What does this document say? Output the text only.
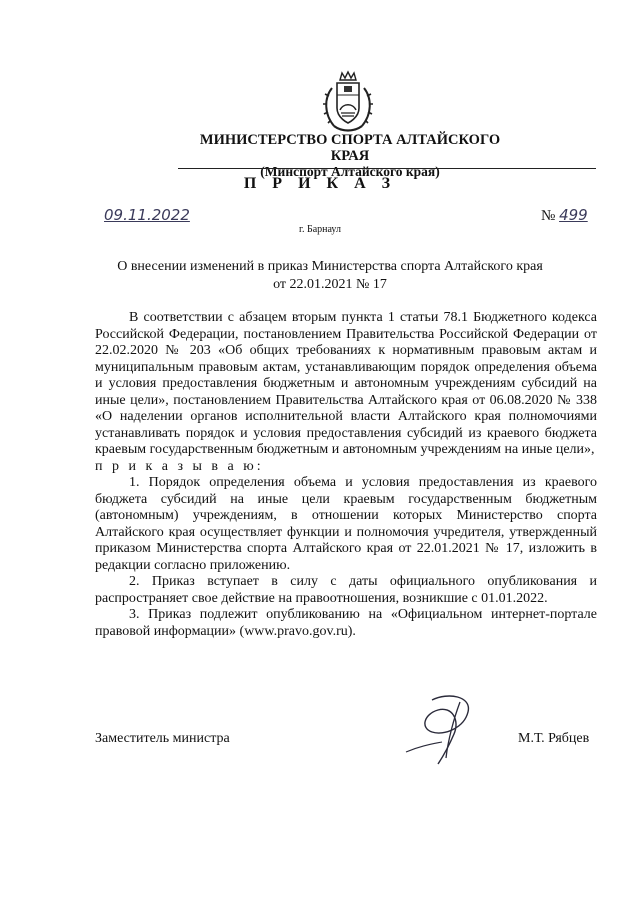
МИНИСТЕРСТВО СПОРТА АЛТАЙСКОГО КРАЯ

(Минспорт Алтайского края)
П Р И К А З
09.11.2022	№ 499
г. Барнаул
О внесении изменений в приказ Министерства спорта Алтайского края
от 22.01.2021 № 17

В соответствии с абзацем вторым пункта 1 статьи 78.1 Бюджетного кодекса Российской Федерации, постановлением Правительства Российской Федерации от 22.02.2020 № 203 «Об общих требованиях к нормативным правовым актам и муниципальным правовым актам, устанавливающим порядок определения объема и условия предоставления бюджетным и автономным учреждениям субсидий на иные цели», постановлением Правительства Алтайского края от 06.08.2020 № 338 «О наделении органов исполнительной власти Алтайского края полномочиями устанавливать порядок и условия предоставления субсидий из краевого бюджета краевым государственным бюджетным и автономным учреждениям на иные цели»,

п р и к а з ы в а ю:

1. Порядок определения объема и условия предоставления из краевого бюджета субсидий на иные цели краевым государственным бюджетным (автономным) учреждениям, в отношении которых Министерство спорта Алтайского края осуществляет функции и полномочия учредителя, утвержденный приказом Министерства спорта Алтайского края от 22.01.2021 № 17, изложить в редакции согласно приложению.

2. Приказ вступает в силу с даты официального опубликования и распространяет свое действие на правоотношения, возникшие с 01.01.2022.

3. Приказ подлежит опубликованию на «Официальном интернет-портале правовой информации» (www.pravo.gov.ru).

Заместитель министра	М.Т. Рябцев
